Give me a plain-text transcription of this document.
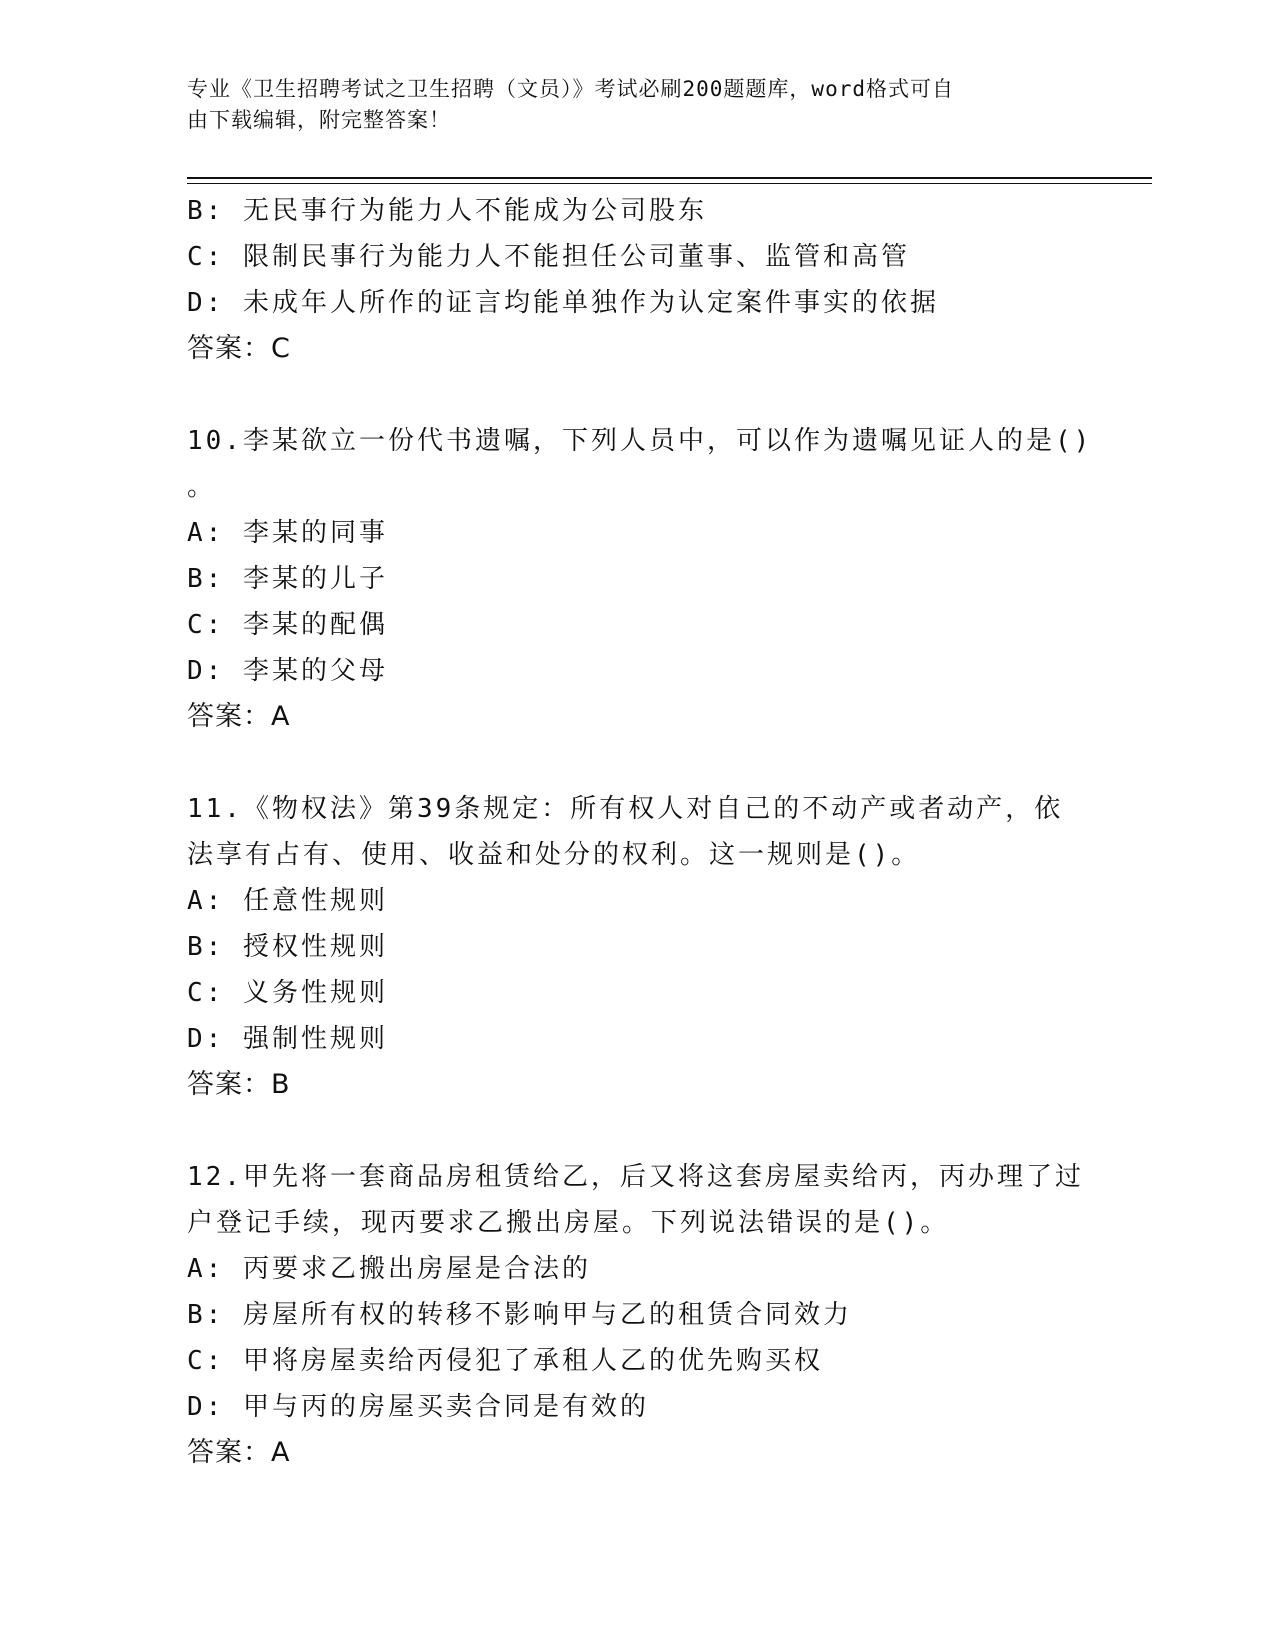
专业《卫生招聘考试之卫生招聘（文员）》考试必刷200题题库，word格式可自
由下载编辑，附完整答案！
B: 无民事行为能力人不能成为公司股东
C: 限制民事行为能力人不能担任公司董事、监管和高管
D: 未成年人所作的证言均能单独作为认定案件事实的依据
答案：C
10.李某欲立一份代书遗嘱，下列人员中，可以作为遗嘱见证人的是()
。
A: 李某的同事
B: 李某的儿子
C: 李某的配偶
D: 李某的父母
答案：A
11.《物权法》第39条规定：所有权人对自己的不动产或者动产，依
法享有占有、使用、收益和处分的权利。这一规则是()。
A: 任意性规则
B: 授权性规则
C: 义务性规则
D: 强制性规则
答案：B
12.甲先将一套商品房租赁给乙，后又将这套房屋卖给丙，丙办理了过
户登记手续，现丙要求乙搬出房屋。下列说法错误的是()。
A: 丙要求乙搬出房屋是合法的
B: 房屋所有权的转移不影响甲与乙的租赁合同效力
C: 甲将房屋卖给丙侵犯了承租人乙的优先购买权
D: 甲与丙的房屋买卖合同是有效的
答案：A
